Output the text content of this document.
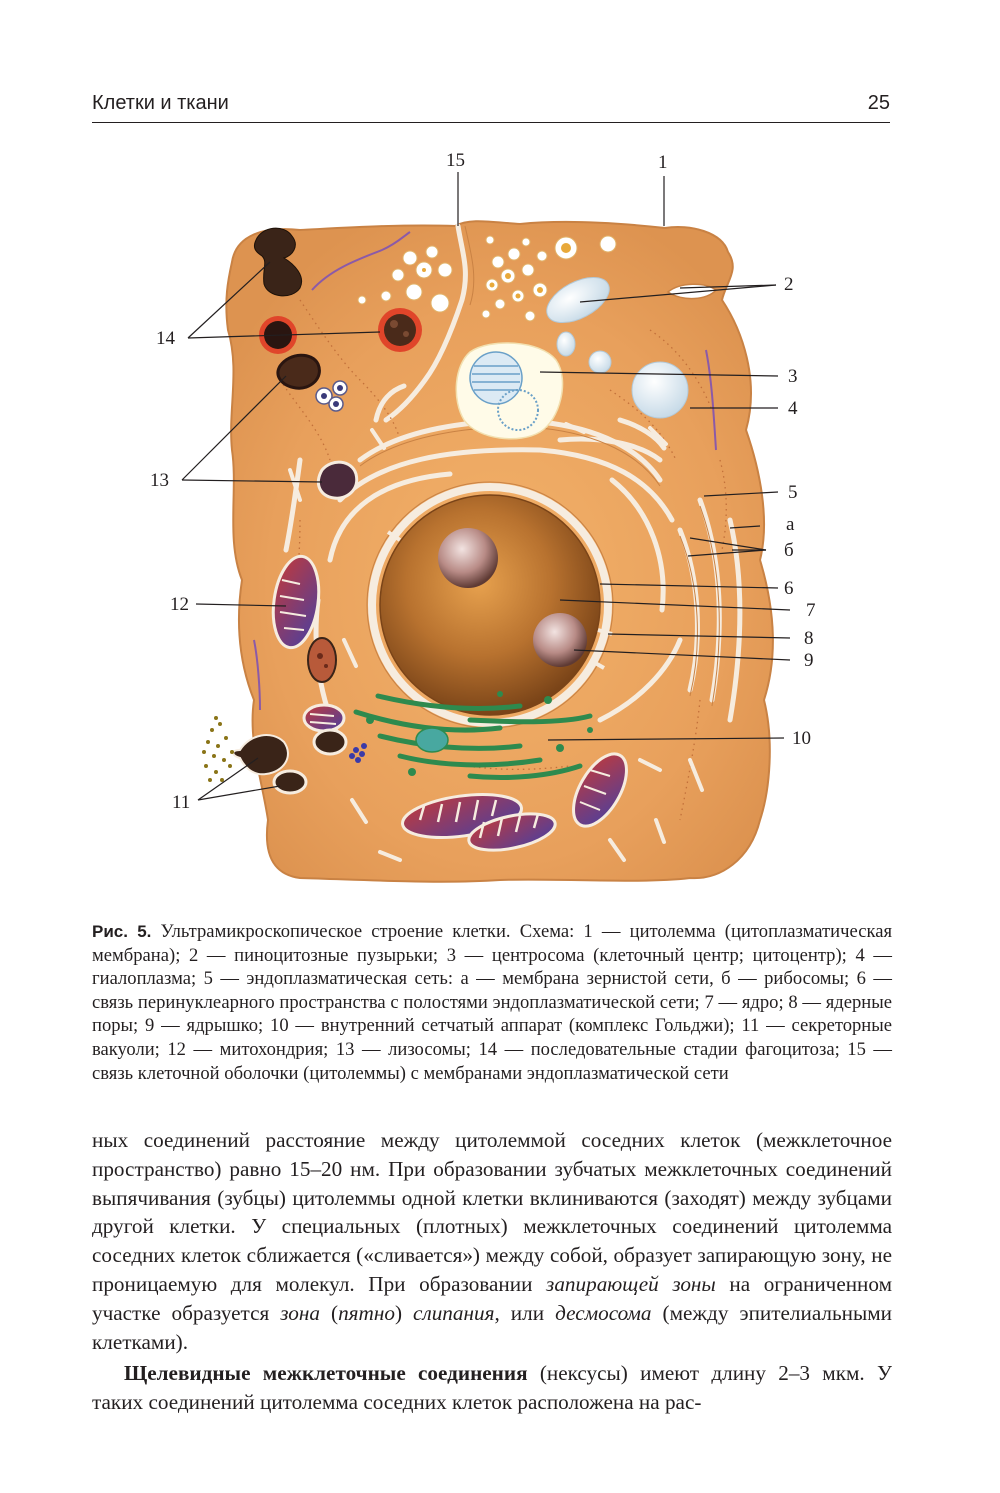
Клетки и ткани	25
15	1
2
14
3
4
13
5
а
б
6
12	7
8
9
10
11
Рис. 5. Ультрамикроскопическое строение клетки. Схема: 1 — цитолемма (цитоплазматическая мембрана); 2 — пиноцитозные пузырьки; 3 — центросома (клеточный центр; цитоцентр); 4 — гиалоплазма; 5 — эндоплазматическая сеть: а — мембрана зернистой сети, б — рибосомы; 6 — связь перинуклеарного пространства с полостями эндоплазматической сети; 7 — ядро; 8 — ядерные поры; 9 — ядрышко; 10 — внутренний сетчатый аппарат (комплекс Гольджи); 11 — секреторные вакуоли; 12 — митохондрия; 13 — лизосомы; 14 — последовательные стадии фагоцитоза; 15 — связь клеточной оболочки (цитолеммы) с мембранами эндоплазматической сети

ных соединений расстояние между цитолеммой соседних клеток (межклеточное пространство) равно 15–20 нм. При образовании зубчатых межклеточных соединений выпячивания (зубцы) цитолеммы одной клетки вклиниваются (заходят) между зубцами другой клетки. У специальных (плотных) межклеточных соединений цитолемма соседних клеток сближается («сливается») между собой, образует запирающую зону, не проницаемую для молекул. При образовании запирающей зоны на ограниченном участке образуется зона (пятно) слипания, или десмосома (между эпителиальными клетками).

Щелевидные межклеточные соединения (нексусы) имеют длину 2–3 мкм. У таких соединений цитолемма соседних клеток расположена на рас-
